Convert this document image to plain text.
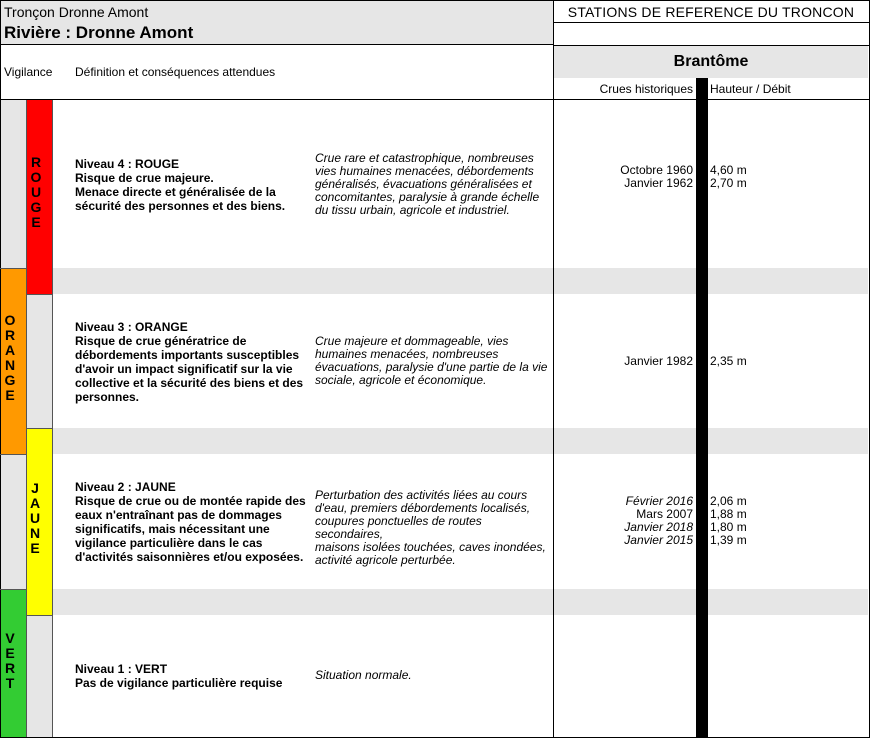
Tronçon Dronne Amont
Rivière : Dronne Amont
STATIONS DE REFERENCE DU TRONCON
Brantôme
Vigilance Définition et conséquences attendues
Crues historiques Hauteur / Débit
R
O
U
G
E
O
R
A
N
G
E
J
A
U
N
E
V
E
R
T
Niveau 4 : ROUGE
Risque de crue majeure.
Menace directe et généralisée de la
sécurité des personnes et des biens.
Crue rare et catastrophique, nombreuses
vies humaines menacées, débordements
généralisés, évacuations généralisées et
concomitantes, paralysie à grande échelle
du tissu urbain, agricole et industriel.
Octobre 1960 4,60 m
Janvier 1962 2,70 m
Niveau 3 : ORANGE
Risque de crue génératrice de
débordements importants susceptibles
d'avoir un impact significatif sur la vie
collective et la sécurité des biens et des
personnes.
Crue majeure et dommageable, vies
humaines menacées, nombreuses
évacuations, paralysie d'une partie de la vie
sociale, agricole et économique.
Janvier 1982 2,35 m
Niveau 2 : JAUNE
Risque de crue ou de montée rapide des
eaux n'entraînant pas de dommages
significatifs, mais nécessitant une
vigilance particulière dans le cas
d'activités saisonnières et/ou exposées.
Perturbation des activités liées au cours
d'eau, premiers débordements localisés,
coupures ponctuelles de routes secondaires,
maisons isolées touchées, caves inondées,
activité agricole perturbée.
Février 2016 2,06 m
Mars 2007 1,88 m
Janvier 2018 1,80 m
Janvier 2015 1,39 m
Niveau 1 : VERT
Pas de vigilance particulière requise
Situation normale.
